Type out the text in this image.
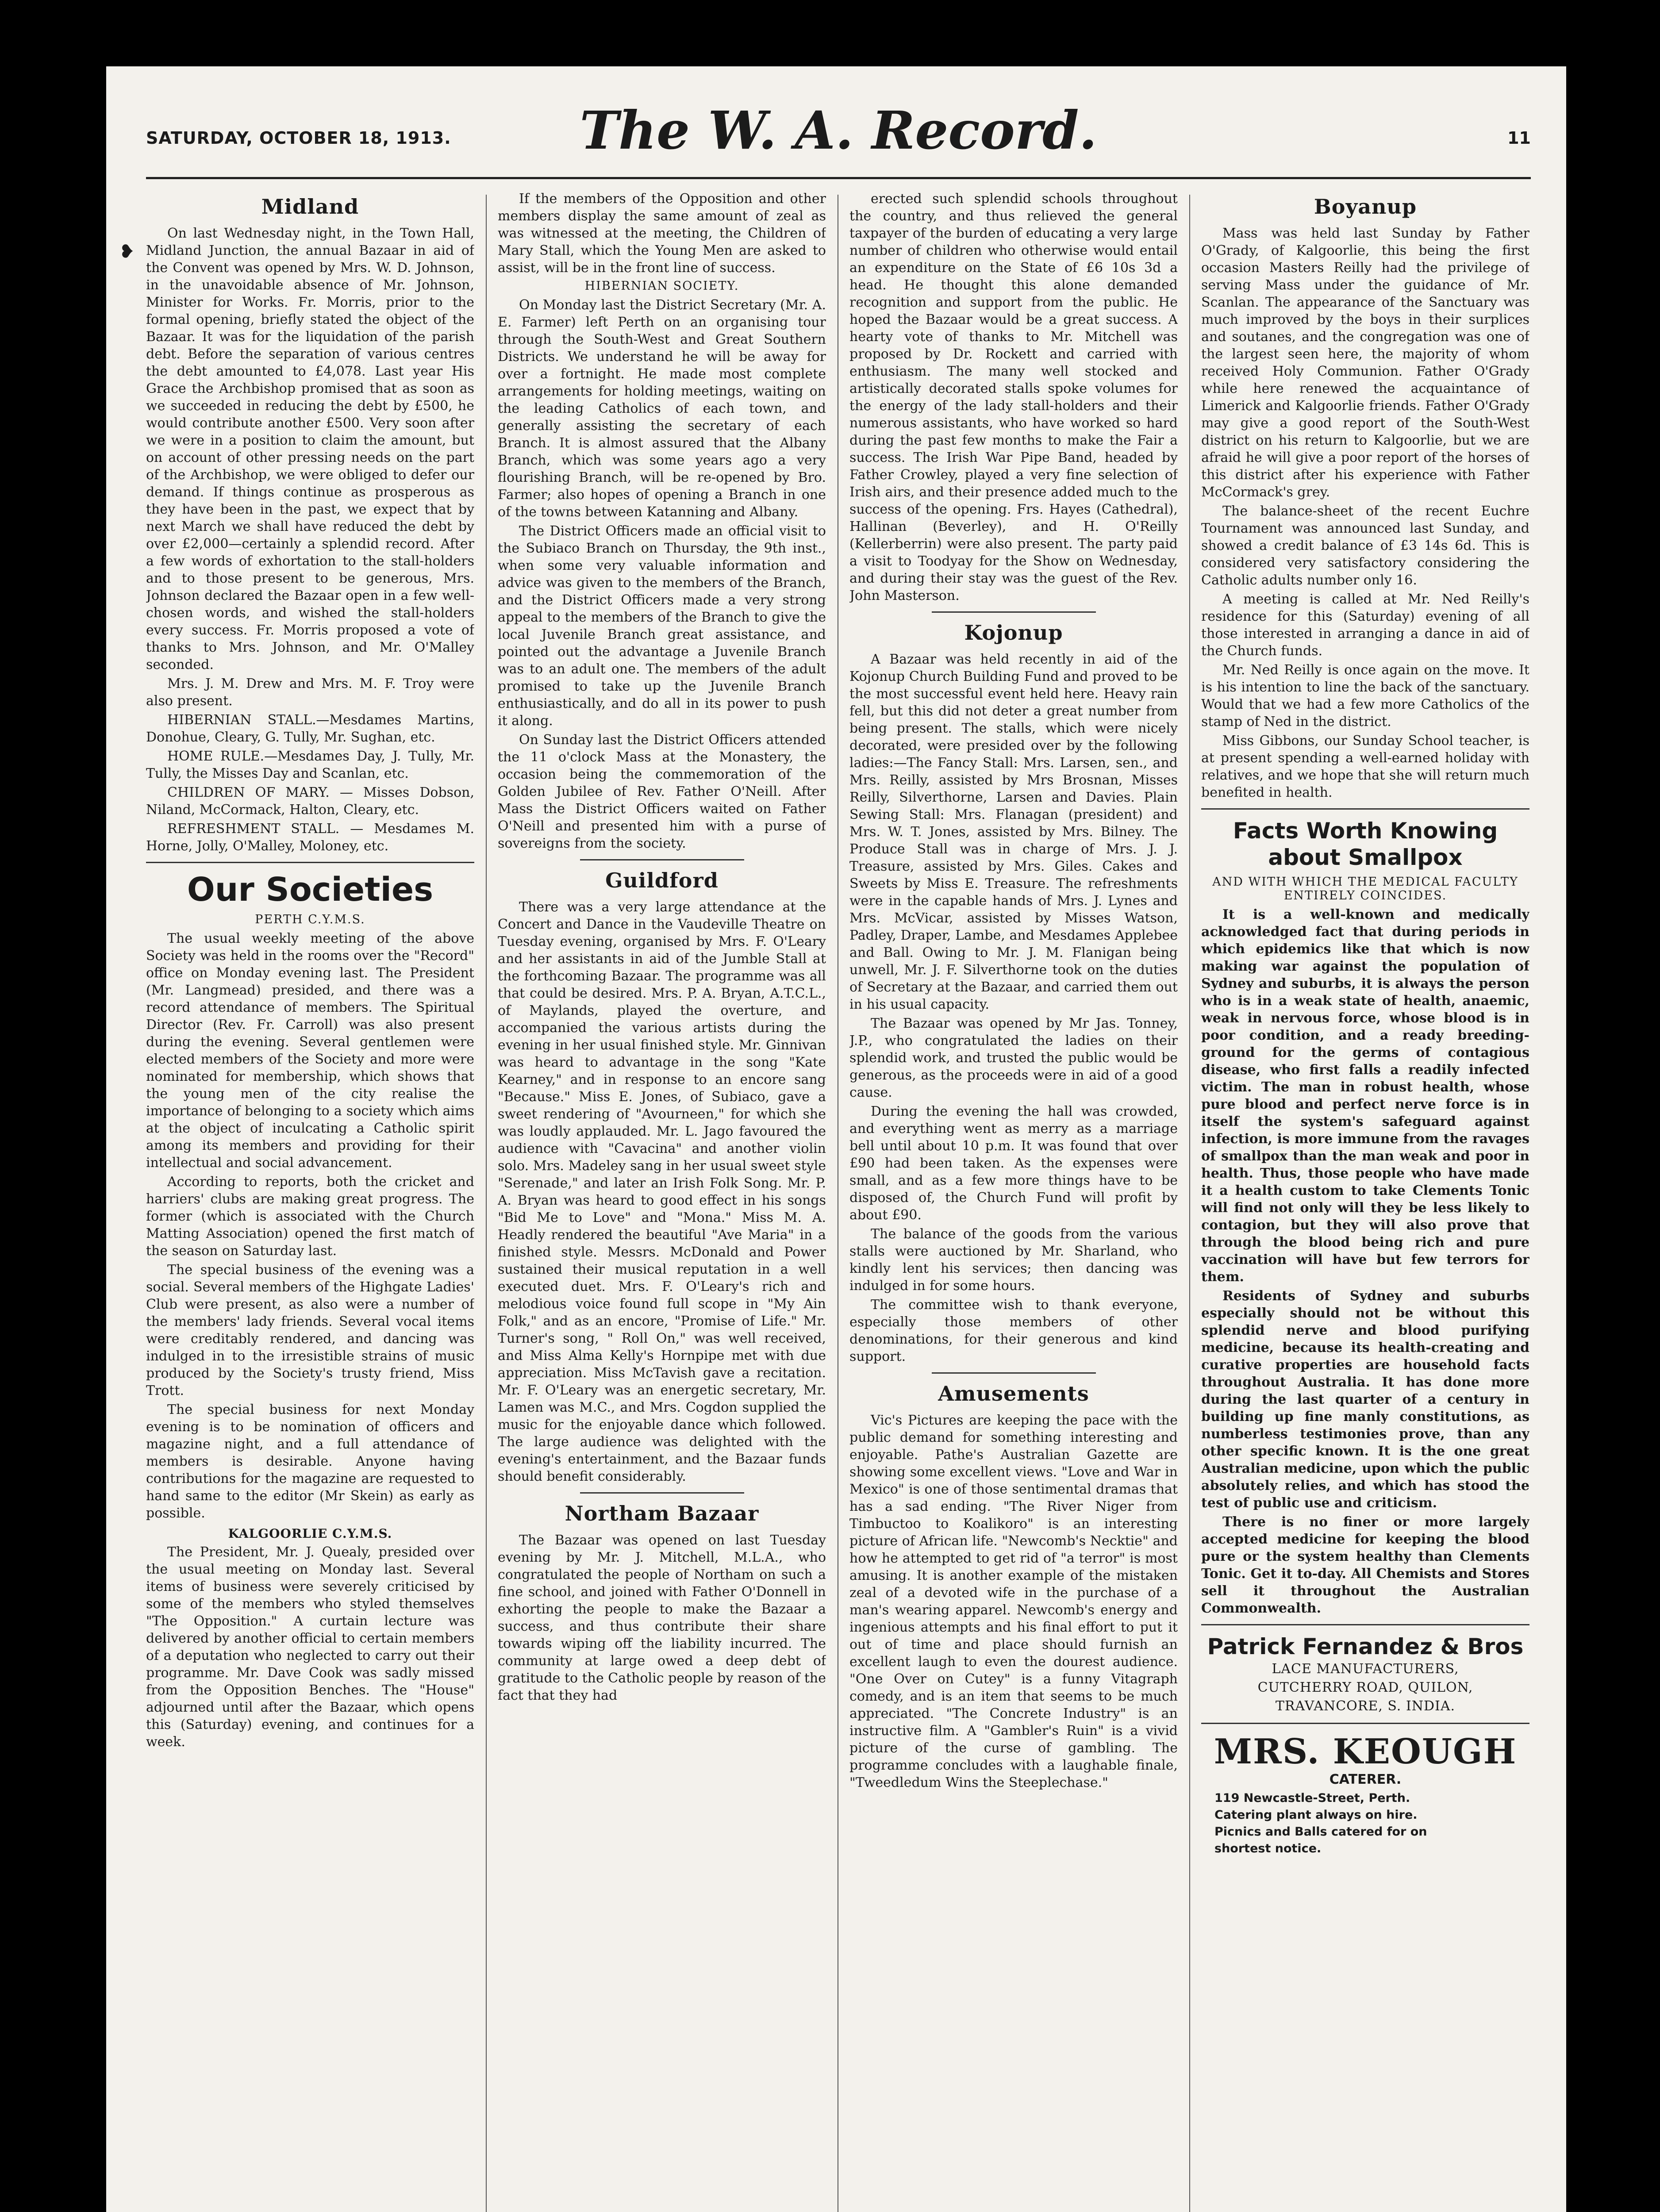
SATURDAY, OCTOBER 18, 1913.	The W. A. Record.	11
❥
Midland

On last Wednesday night, in the Town Hall, Midland Junction, the annual Bazaar in aid of the Convent was opened by Mrs. W. D. Johnson, in the unavoidable absence of Mr. Johnson, Minister for Works. Fr. Morris, prior to the formal opening, briefly stated the object of the Bazaar. It was for the liquidation of the parish debt. Before the separation of various centres the debt amounted to £4,078. Last year His Grace the Archbishop promised that as soon as we succeeded in reducing the debt by £500, he would contribute another £500. Very soon after we were in a position to claim the amount, but on account of other pressing needs on the part of the Archbishop, we were obliged to defer our demand. If things continue as prosperous as they have been in the past, we expect that by next March we shall have reduced the debt by over £2,000—certainly a splendid record. After a few words of exhortation to the stall-holders and to those present to be generous, Mrs. Johnson declared the Bazaar open in a few well-chosen words, and wished the stall-holders every success. Fr. Morris proposed a vote of thanks to Mrs. Johnson, and Mr. O'Malley seconded.

Mrs. J. M. Drew and Mrs. M. F. Troy were also present.

HIBERNIAN STALL.—Mesdames Martins, Donohue, Cleary, G. Tully, Mr. Sughan, etc.

HOME RULE.—Mesdames Day, J. Tully, Mr. Tully, the Misses Day and Scanlan, etc.

CHILDREN OF MARY. — Misses Dobson, Niland, McCormack, Halton, Cleary, etc.

REFRESHMENT STALL. — Mesdames M. Horne, Jolly, O'Malley, Moloney, etc.

Our Societies
PERTH C.Y.M.S.

The usual weekly meeting of the above Society was held in the rooms over the "Record" office on Monday evening last. The President (Mr. Langmead) presided, and there was a record attendance of members. The Spiritual Director (Rev. Fr. Carroll) was also present during the evening. Several gentlemen were elected members of the Society and more were nominated for membership, which shows that the young men of the city realise the importance of belonging to a society which aims at the object of inculcating a Catholic spirit among its members and providing for their intellectual and social advancement.

According to reports, both the cricket and harriers' clubs are making great progress. The former (which is associated with the Church Matting Association) opened the first match of the season on Saturday last.

The special business of the evening was a social. Several members of the Highgate Ladies' Club were present, as also were a number of the members' lady friends. Several vocal items were creditably rendered, and dancing was indulged in to the irresistible strains of music produced by the Society's trusty friend, Miss Trott.

The special business for next Monday evening is to be nomination of officers and magazine night, and a full attendance of members is desirable. Anyone having contributions for the magazine are requested to hand same to the editor (Mr Skein) as early as possible.

KALGOORLIE C.Y.M.S.

The President, Mr. J. Quealy, presided over the usual meeting on Monday last. Several items of business were severely criticised by some of the members who styled themselves "The Opposition." A curtain lecture was delivered by another official to certain members of a deputation who neglected to carry out their programme. Mr. Dave Cook was sadly missed from the Opposition Benches. The "House" adjourned until after the Bazaar, which opens this (Saturday) evening, and continues for a week.

If the members of the Opposition and other members display the same amount of zeal as was witnessed at the meeting, the Children of Mary Stall, which the Young Men are asked to assist, will be in the front line of success.

HIBERNIAN SOCIETY.

On Monday last the District Secretary (Mr. A. E. Farmer) left Perth on an organising tour through the South-West and Great Southern Districts. We understand he will be away for over a fortnight. He made most complete arrangements for holding meetings, waiting on the leading Catholics of each town, and generally assisting the secretary of each Branch. It is almost assured that the Albany Branch, which was some years ago a very flourishing Branch, will be re-opened by Bro. Farmer; also hopes of opening a Branch in one of the towns between Katanning and Albany.

The District Officers made an official visit to the Subiaco Branch on Thursday, the 9th inst., when some very valuable information and advice was given to the members of the Branch, and the District Officers made a very strong appeal to the members of the Branch to give the local Juvenile Branch great assistance, and pointed out the advantage a Juvenile Branch was to an adult one. The members of the adult promised to take up the Juvenile Branch enthusiastically, and do all in its power to push it along.

On Sunday last the District Officers attended the 11 o'clock Mass at the Monastery, the occasion being the commemoration of the Golden Jubilee of Rev. Father O'Neill. After Mass the District Officers waited on Father O'Neill and presented him with a purse of sovereigns from the society.

Guildford

There was a very large attendance at the Concert and Dance in the Vaudeville Theatre on Tuesday evening, organised by Mrs. F. O'Leary and her assistants in aid of the Jumble Stall at the forthcoming Bazaar. The programme was all that could be desired. Mrs. P. A. Bryan, A.T.C.L., of Maylands, played the overture, and accompanied the various artists during the evening in her usual finished style. Mr. Ginnivan was heard to advantage in the song "Kate Kearney," and in response to an encore sang "Because." Miss E. Jones, of Subiaco, gave a sweet rendering of "Avourneen," for which she was loudly applauded. Mr. L. Jago favoured the audience with "Cavacina" and another violin solo. Mrs. Madeley sang in her usual sweet style "Serenade," and later an Irish Folk Song. Mr. P. A. Bryan was heard to good effect in his songs "Bid Me to Love" and "Mona." Miss M. A. Headly rendered the beautiful "Ave Maria" in a finished style. Messrs. McDonald and Power sustained their musical reputation in a well executed duet. Mrs. F. O'Leary's rich and melodious voice found full scope in "My Ain Folk," and as an encore, "Promise of Life." Mr. Turner's song, " Roll On," was well received, and Miss Alma Kelly's Hornpipe met with due appreciation. Miss McTavish gave a recitation. Mr. F. O'Leary was an energetic secretary, Mr. Lamen was M.C., and Mrs. Cogdon supplied the music for the enjoyable dance which followed. The large audience was delighted with the evening's entertainment, and the Bazaar funds should benefit considerably.

Northam Bazaar

The Bazaar was opened on last Tuesday evening by Mr. J. Mitchell, M.L.A., who congratulated the people of Northam on such a fine school, and joined with Father O'Donnell in exhorting the people to make the Bazaar a success, and thus contribute their share towards wiping off the liability incurred. The community at large owed a deep debt of gratitude to the Catholic people by reason of the fact that they had

erected such splendid schools throughout the country, and thus relieved the general taxpayer of the burden of educating a very large number of children who otherwise would entail an expenditure on the State of £6 10s 3d a head. He thought this alone demanded recognition and support from the public. He hoped the Bazaar would be a great success. A hearty vote of thanks to Mr. Mitchell was proposed by Dr. Rockett and carried with enthusiasm. The many well stocked and artistically decorated stalls spoke volumes for the energy of the lady stall-holders and their numerous assistants, who have worked so hard during the past few months to make the Fair a success. The Irish War Pipe Band, headed by Father Crowley, played a very fine selection of Irish airs, and their presence added much to the success of the opening. Frs. Hayes (Cathedral), Hallinan (Beverley), and H. O'Reilly (Kellerberrin) were also present. The party paid a visit to Toodyay for the Show on Wednesday, and during their stay was the guest of the Rev. John Masterson.

Kojonup

A Bazaar was held recently in aid of the Kojonup Church Building Fund and proved to be the most successful event held here. Heavy rain fell, but this did not deter a great number from being present. The stalls, which were nicely decorated, were presided over by the following ladies:—The Fancy Stall: Mrs. Larsen, sen., and Mrs. Reilly, assisted by Mrs Brosnan, Misses Reilly, Silverthorne, Larsen and Davies. Plain Sewing Stall: Mrs. Flanagan (president) and Mrs. W. T. Jones, assisted by Mrs. Bilney. The Produce Stall was in charge of Mrs. J. J. Treasure, assisted by Mrs. Giles. Cakes and Sweets by Miss E. Treasure. The refreshments were in the capable hands of Mrs. J. Lynes and Mrs. McVicar, assisted by Misses Watson, Padley, Draper, Lambe, and Mesdames Applebee and Ball. Owing to Mr. J. M. Flanigan being unwell, Mr. J. F. Silverthorne took on the duties of Secretary at the Bazaar, and carried them out in his usual capacity.

The Bazaar was opened by Mr Jas. Tonney, J.P., who congratulated the ladies on their splendid work, and trusted the public would be generous, as the proceeds were in aid of a good cause.

During the evening the hall was crowded, and everything went as merry as a marriage bell until about 10 p.m. It was found that over £90 had been taken. As the expenses were small, and as a few more things have to be disposed of, the Church Fund will profit by about £90.

The balance of the goods from the various stalls were auctioned by Mr. Sharland, who kindly lent his services; then dancing was indulged in for some hours.

The committee wish to thank everyone, especially those members of other denominations, for their generous and kind support.

Amusements

Vic's Pictures are keeping the pace with the public demand for something interesting and enjoyable. Pathe's Australian Gazette are showing some excellent views. "Love and War in Mexico" is one of those sentimental dramas that has a sad ending. "The River Niger from Timbuctoo to Koalikoro" is an interesting picture of African life. "Newcomb's Necktie" and how he attempted to get rid of "a terror" is most amusing. It is another example of the mistaken zeal of a devoted wife in the purchase of a man's wearing apparel. Newcomb's energy and ingenious attempts and his final effort to put it out of time and place should furnish an excellent laugh to even the dourest audience. "One Over on Cutey" is a funny Vitagraph comedy, and is an item that seems to be much appreciated. "The Concrete Industry" is an instructive film. A "Gambler's Ruin" is a vivid picture of the curse of gambling. The programme concludes with a laughable finale, "Tweedledum Wins the Steeplechase."

Boyanup

Mass was held last Sunday by Father O'Grady, of Kalgoorlie, this being the first occasion Masters Reilly had the privilege of serving Mass under the guidance of Mr. Scanlan. The appearance of the Sanctuary was much improved by the boys in their surplices and soutanes, and the congregation was one of the largest seen here, the majority of whom received Holy Communion. Father O'Grady while here renewed the acquaintance of Limerick and Kalgoorlie friends. Father O'Grady may give a good report of the South-West district on his return to Kalgoorlie, but we are afraid he will give a poor report of the horses of this district after his experience with Father McCormack's grey.

The balance-sheet of the recent Euchre Tournament was announced last Sunday, and showed a credit balance of £3 14s 6d. This is considered very satisfactory considering the Catholic adults number only 16.

A meeting is called at Mr. Ned Reilly's residence for this (Saturday) evening of all those interested in arranging a dance in aid of the Church funds.

Mr. Ned Reilly is once again on the move. It is his intention to line the back of the sanctuary. Would that we had a few more Catholics of the stamp of Ned in the district.

Miss Gibbons, our Sunday School teacher, is at present spending a well-earned holiday with relatives, and we hope that she will return much benefited in health.

Facts Worth Knowing about Smallpox
AND WITH WHICH THE MEDICAL FACULTY ENTIRELY COINCIDES.

It is a well-known and medically acknowledged fact that during periods in which epidemics like that which is now making war against the population of Sydney and suburbs, it is always the person who is in a weak state of health, anaemic, weak in nervous force, whose blood is in poor condition, and a ready breeding-ground for the germs of contagious disease, who first falls a readily infected victim. The man in robust health, whose pure blood and perfect nerve force is in itself the system's safeguard against infection, is more immune from the ravages of smallpox than the man weak and poor in health. Thus, those people who have made it a health custom to take Clements Tonic will find not only will they be less likely to contagion, but they will also prove that through the blood being rich and pure vaccination will have but few terrors for them.

Residents of Sydney and suburbs especially should not be without this splendid nerve and blood purifying medicine, because its health-creating and curative properties are household facts throughout Australia. It has done more during the last quarter of a century in building up fine manly constitutions, as numberless testimonies prove, than any other specific known. It is the one great Australian medicine, upon which the public absolutely relies, and which has stood the test of public use and criticism.

There is no finer or more largely accepted medicine for keeping the blood pure or the system healthy than Clements Tonic. Get it to-day. All Chemists and Stores sell it throughout the Australian Commonwealth.

Patrick Fernandez & Bros
LACE MANUFACTURERS,
CUTCHERRY ROAD, QUILON,
TRAVANCORE, S. INDIA.
MRS. KEOUGH
CATERER.
119 Newcastle-Street, Perth.
Catering plant always on hire.
Picnics and Balls catered for on
shortest notice.
